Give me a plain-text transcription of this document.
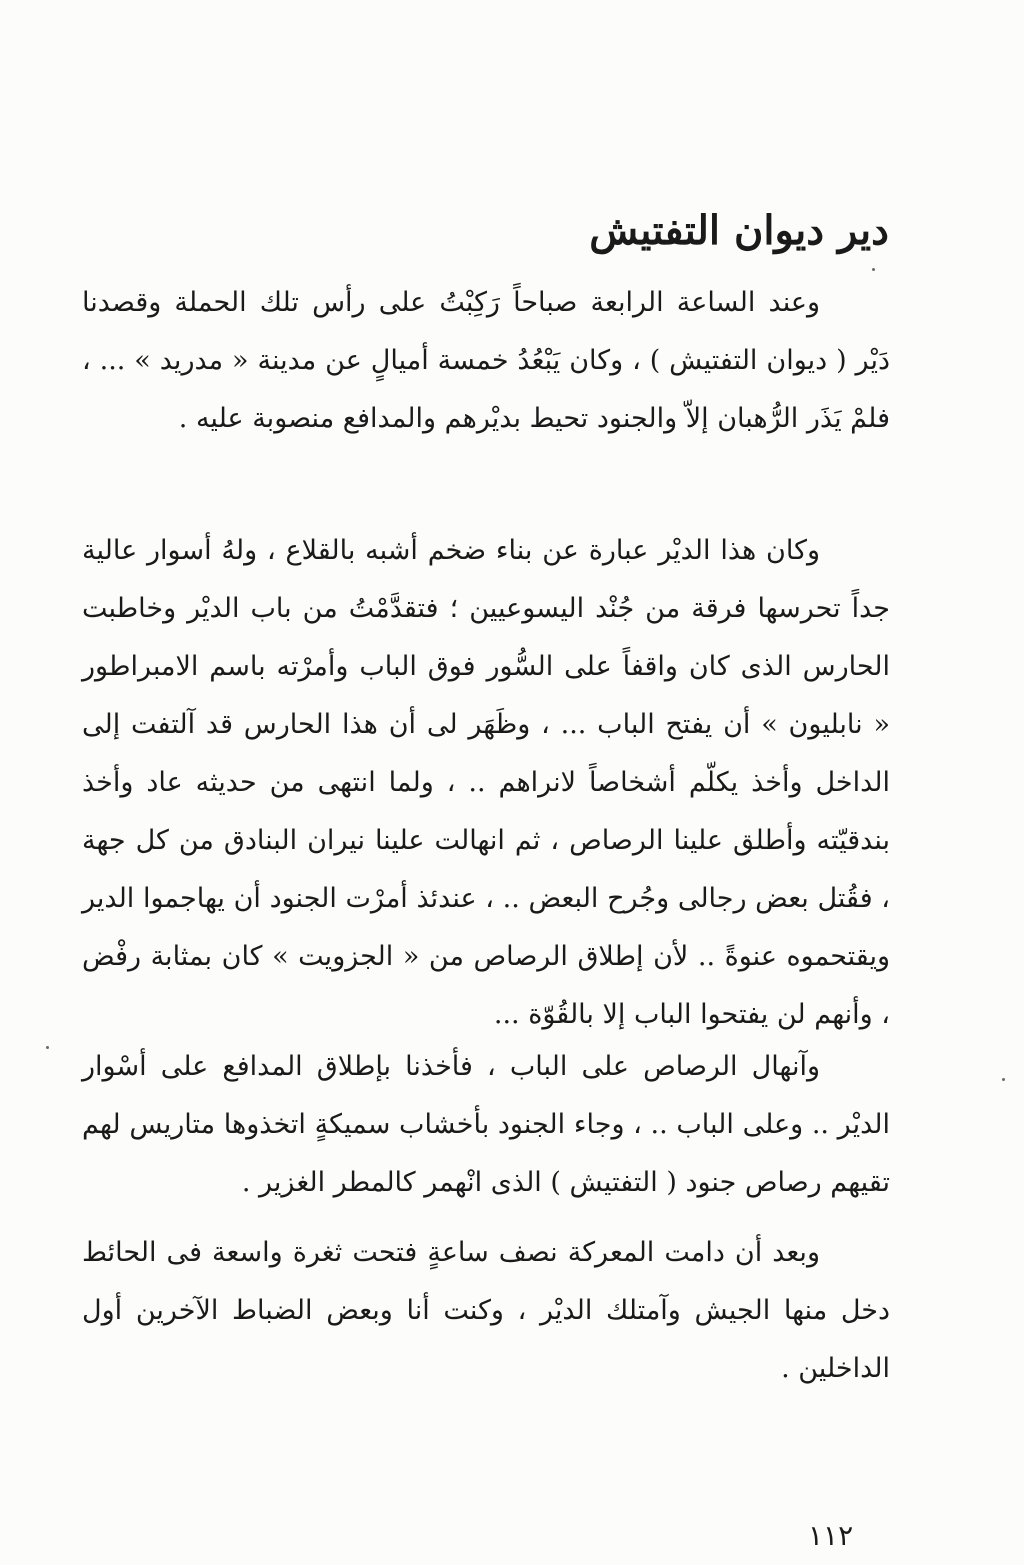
دير ديوان التفتيش

وعند الساعة الرابعة صباحاً رَكِبْتُ على رأس تلك الحملة وقصدنا دَيْر ( ديوان التفتيش ) ، وكان يَبْعُدُ خمسة أميالٍ عن مدينة « مدريد » ... ، فلمْ يَذَر الرُّهبان إلاّ والجنود تحيط بديْرهم والمدافع منصوبة عليه .

وكان هذا الديْر عبارة عن بناء ضخم أشبه بالقلاع ، ولهُ أسوار عالية جداً تحرسها فرقة من جُنْد اليسوعيين ؛ فتقدَّمْتُ من باب الديْر وخاطبت الحارس الذى كان واقفاً على السُّور فوق الباب وأمرْته باسم الامبراطور « نابليون » أن يفتح الباب ... ، وظَهَر لى أن هذا الحارس قد آلتفت إلى الداخل وأخذ يكلّم أشخاصاً لانراهم .. ، ولما انتهى من حديثه عاد وأخذ بندقيّته وأطلق علينا الرصاص ، ثم انهالت علينا نيران البنادق من كل جهة ، فقُتل بعض رجالى وجُرح البعض .. ، عندئذ أمرْت الجنود أن يهاجموا الدير ويقتحموه عنوةً .. لأن إطلاق الرصاص من « الجزويت » كان بمثابة رفْض ، وأنهم لن يفتحوا الباب إلا بالقُوّة ...

وآنهال الرصاص على الباب ، فأخذنا بإطلاق المدافع على أسْوار الديْر .. وعلى الباب .. ، وجاء الجنود بأخشاب سميكةٍ اتخذوها متاريس لهم تقيهم رصاص جنود ( التفتيش ) الذى انْهمر كالمطر الغزير .

وبعد أن دامت المعركة نصف ساعةٍ فتحت ثغرة واسعة فى الحائط دخل منها الجيش وآمتلك الديْر ، وكنت أنا وبعض الضباط الآخرين أول الداخلين .

١١٢
